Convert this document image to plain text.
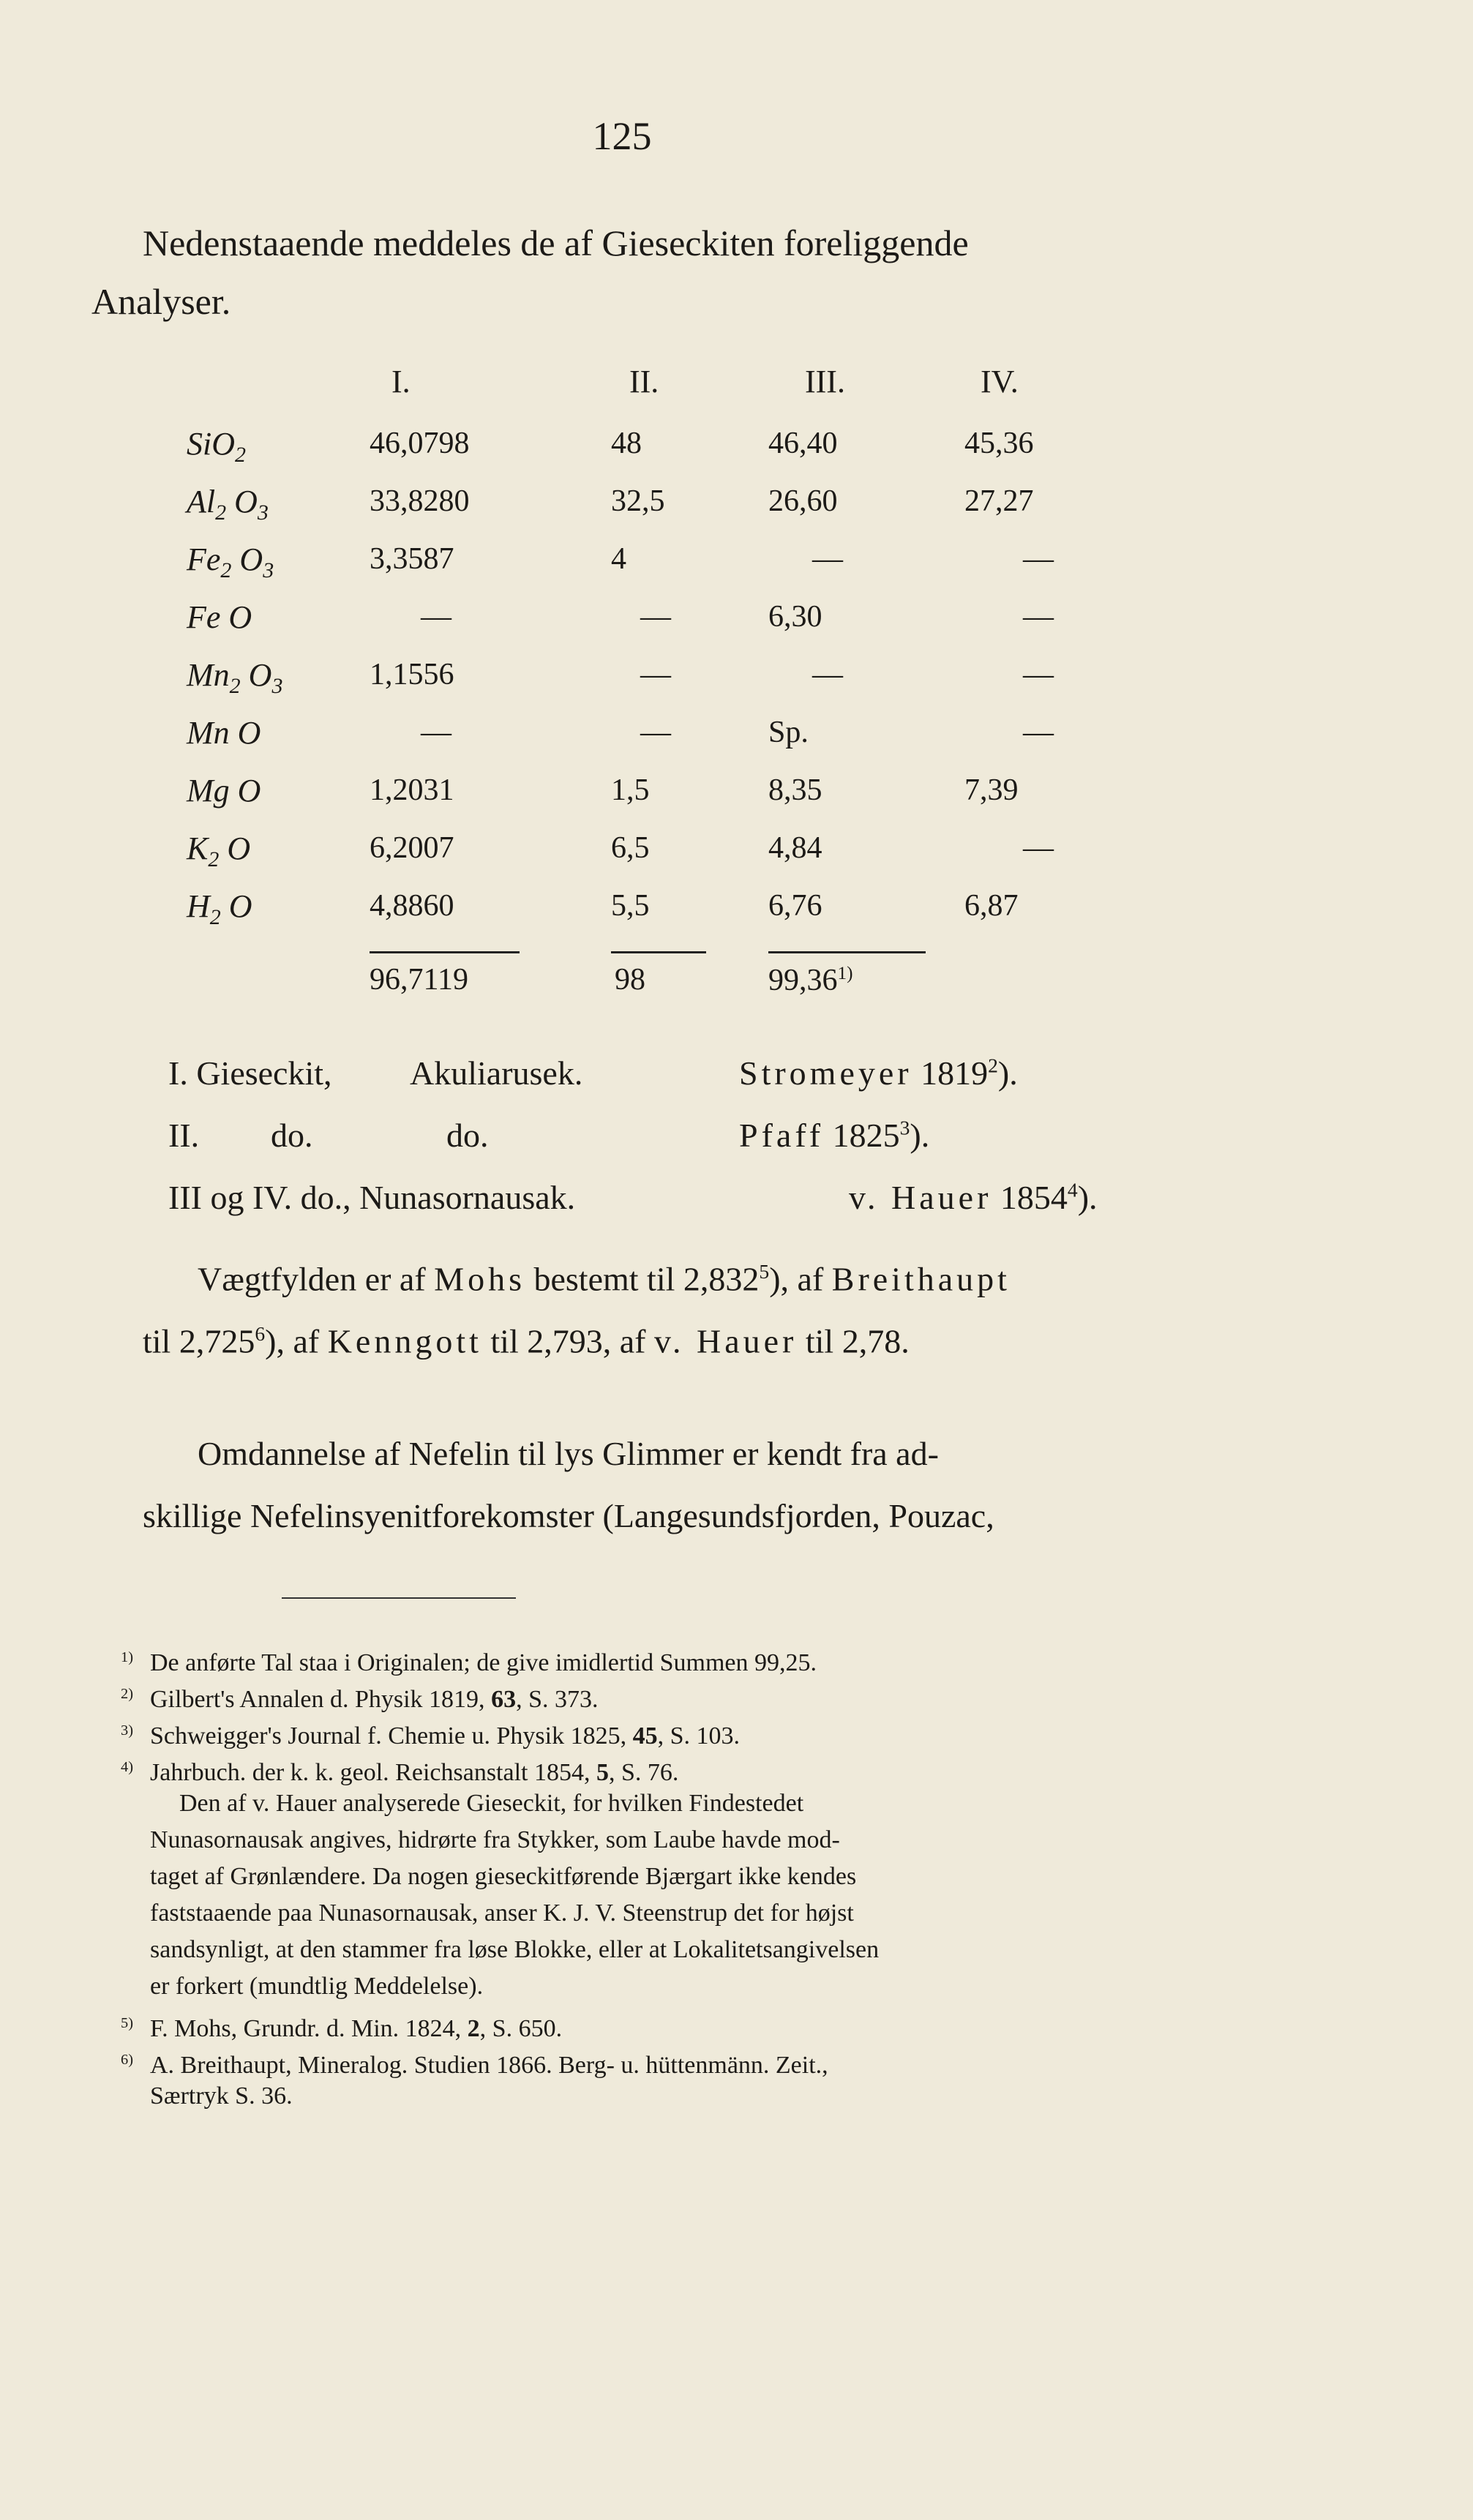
125
Nedenstaaende meddeles de af Gieseckiten foreliggende
Analyser.
I.	II.	III.	IV.
SiO$_2$	46,0798	48	46,40	45,36
$Al_2$ $O_3$	33,8280	32,5	26,60	27,27
$Fe_2$ $O_3$	3,3587	4	—	—
Fe O	—	—	6,30	—
$Mn_2$ $O_3$	1,1556	—	—	—
Mn O	—	—	Sp.	—
Mg O	1,2031	1,5	8,35	7,39
$K_2$ O	6,2007	6,5	4,84	—
$H_2$ O	4,8860	5,5	6,76	6,87
96,7119	98	99,36$^{1)}$
I. Gieseckit, Akuliarusek.	Stromeyer 1819$^2$).
II. do.	do.	Pfaff 1825$^3$).
III og IV. do., Nunasornausak.	v. Hauer 1854$^4$).
Vægtfylden er af Mohs bestemt til 2,832$^5$), af Breithaupt
til 2,725$^6$), af Kenngott til 2,793, af v. Hauer til 2,78.
Omdannelse af Nefelin til lys Glimmer er kendt fra ad-
skillige Nefelinsyenitforekomster (Langesundsfjorden, Pouzac,
$^{1)}$ De anførte Tal staa i Originalen; de give imidlertid Summen 99,25.
$^{2)}$ Gilbert's Annalen d. Physik 1819, 63, S. 373.
$^{3)}$ Schweigger's Journal f. Chemie u. Physik 1825, 45, S. 103.
$^{4)}$ Jahrbuch. der k. k. geol. Reichsanstalt 1854, 5, S. 76.
Den af v. Hauer analyserede Gieseckit, for hvilken Findestedet
Nunasornausak angives, hidrørte fra Stykker, som Laube havde mod-
taget af Grønlændere. Da nogen gieseckitførende Bjærgart ikke kendes
faststaaende paa Nunasornausak, anser K. J. V. Steenstrup det for højst
sandsynligt, at den stammer fra løse Blokke, eller at Lokalitetsangivelsen
er forkert (mundtlig Meddelelse).
$^{5)}$ F. Mohs, Grundr. d. Min. 1824, 2, S. 650.
$^{6)}$ A. Breithaupt, Mineralog. Studien 1866. Berg- u. hüttenmänn. Zeit.,
Særtryk S. 36.
